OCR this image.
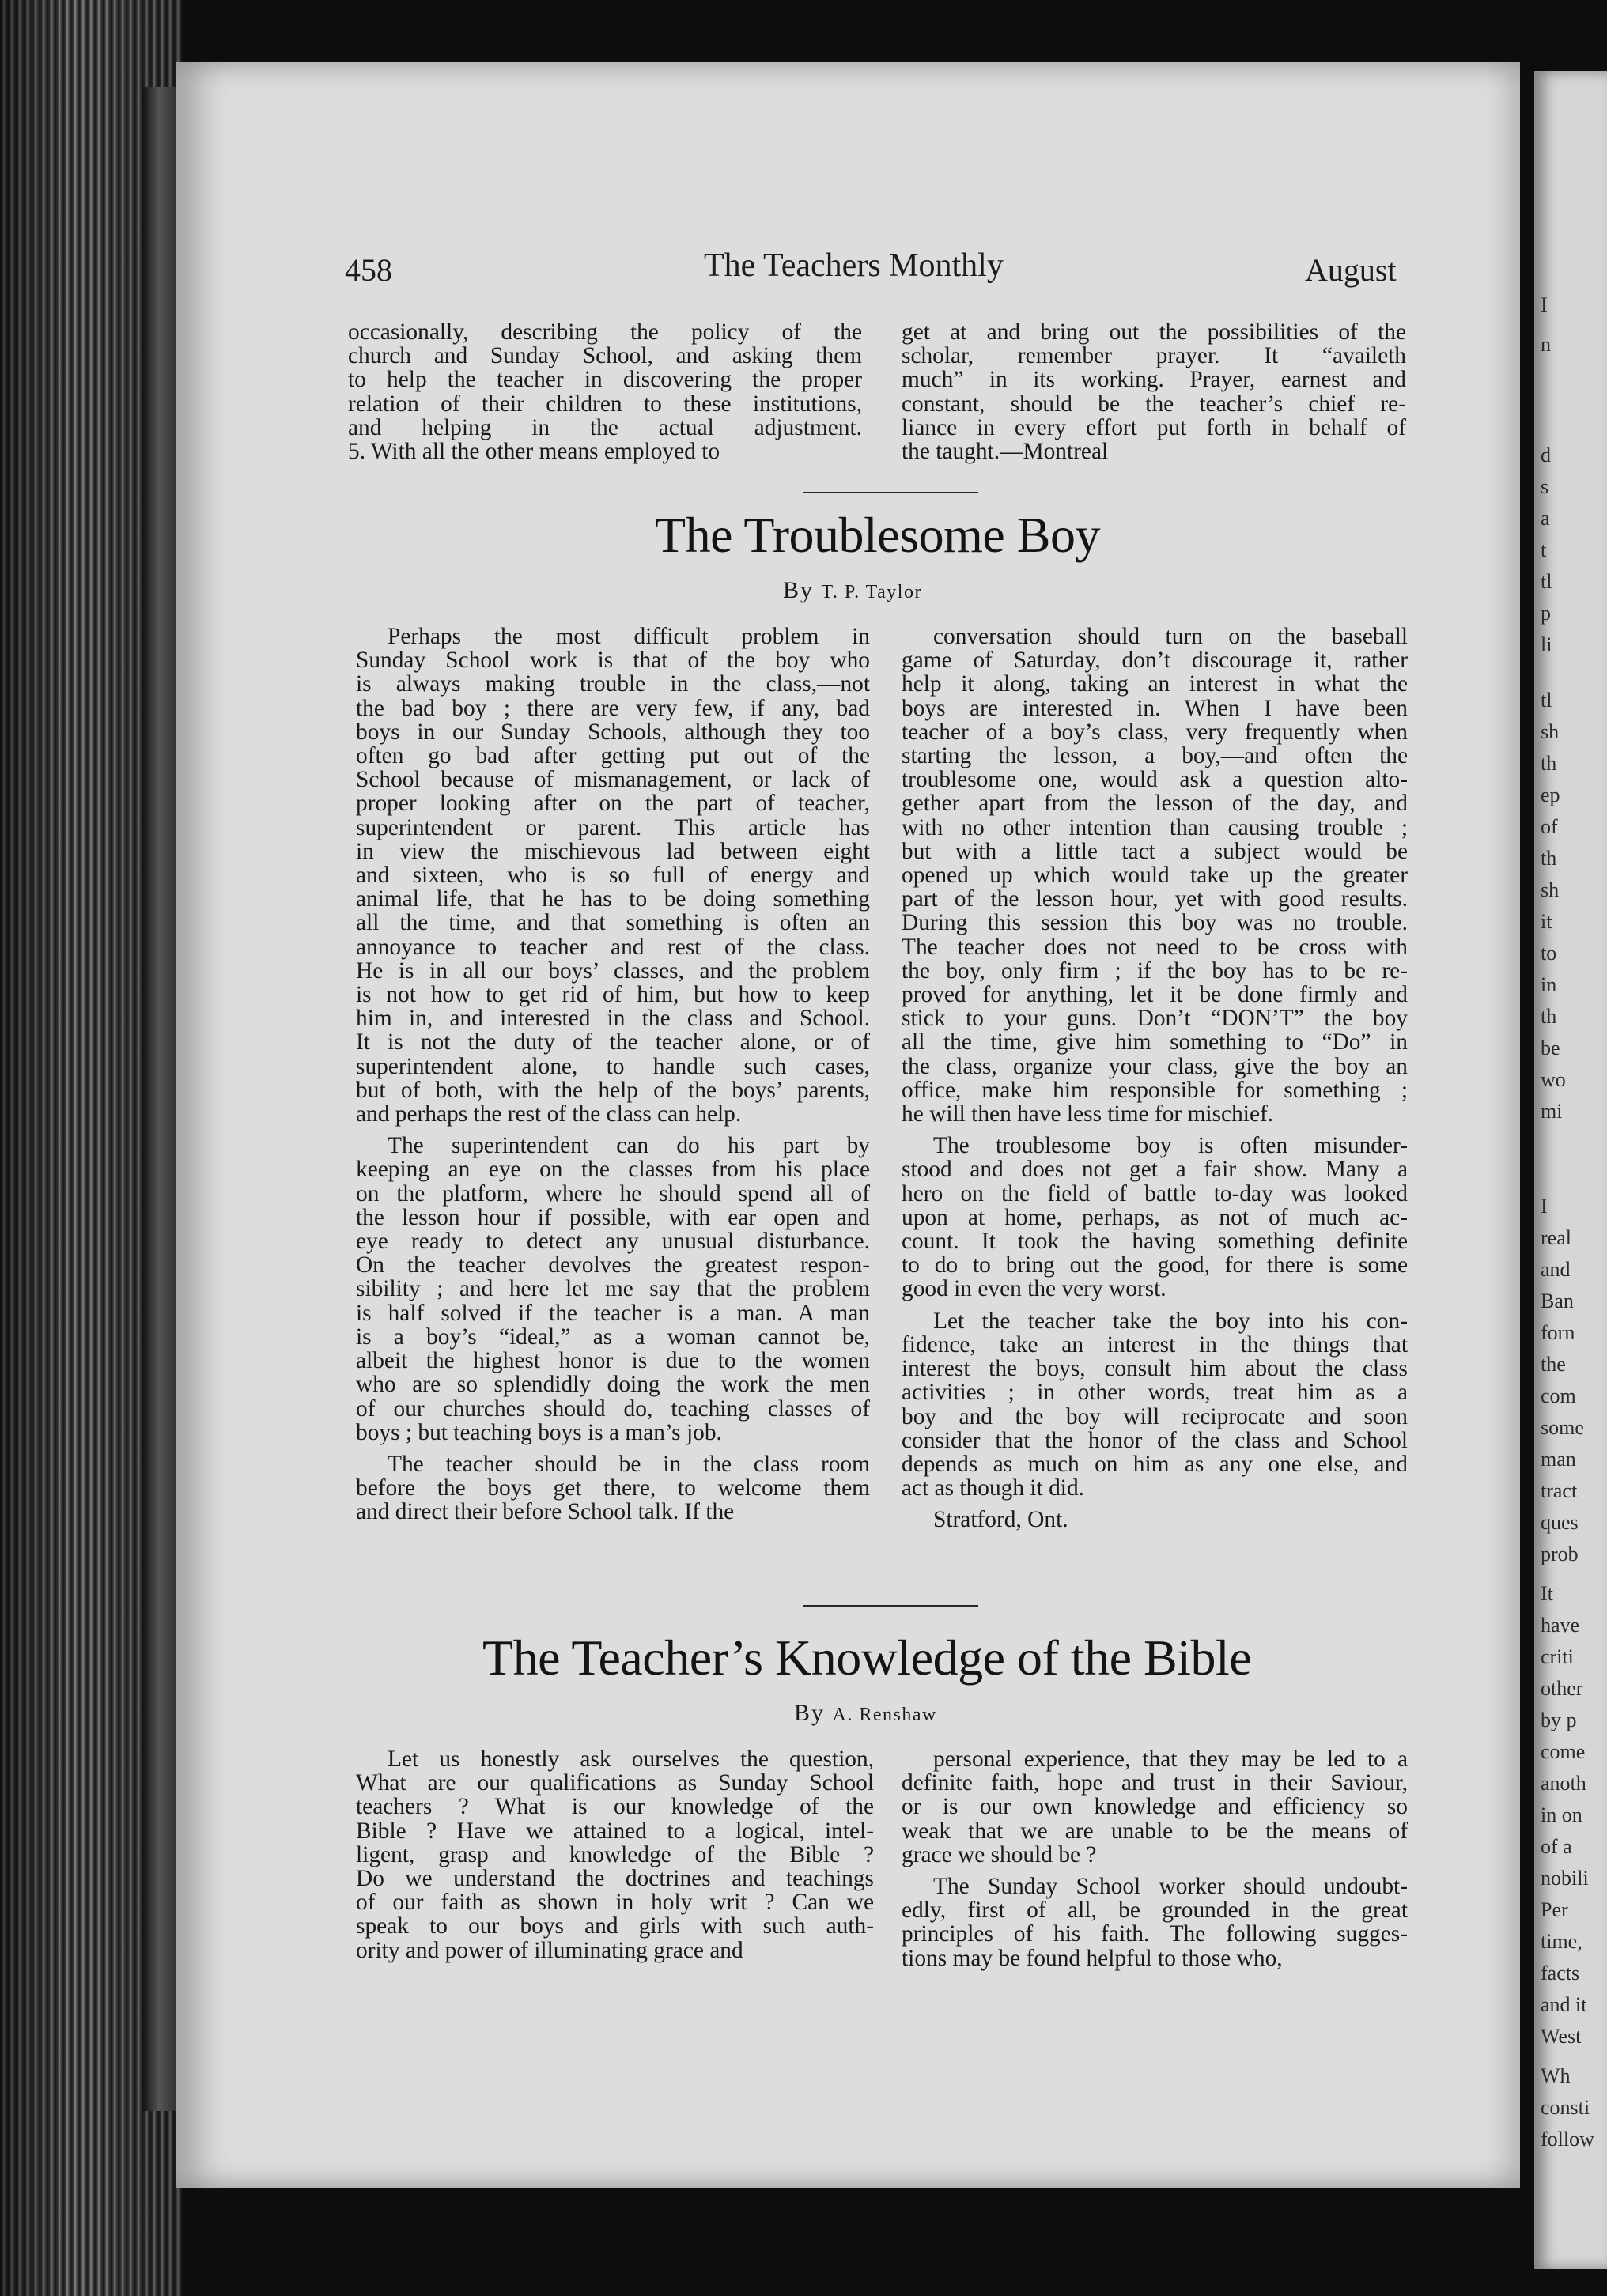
I
n
d
s
a
t
tl
p
li
tl
sh
th
ep
of
th
sh
it
to
in
th
be
wo
mi
I
real
and
Ban
forn
the
com
some
man
tract
ques
prob
It
have
criti
other
by p
come
anoth
in on
of a
nobili
Per
time,
facts
and it
West
Wh
consti
follow
458	The Teachers Monthly	August
occasionally, describing the policy of the
church and Sunday School, and asking them
to help the teacher in discovering the proper
relation of their children to these institutions,
and helping in the actual adjustment.
5. With all the other means employed to
get at and bring out the possibilities of the
scholar, remember prayer. It “availeth
much” in its working. Prayer, earnest and
constant, should be the teacher’s chief re-
liance in every effort put forth in behalf of
the taught.—Montreal
The Troublesome Boy
By T. P. Taylor

Perhaps the most difficult problem in
Sunday School work is that of the boy who
is always making trouble in the class,—not
the bad boy ; there are very few, if any, bad
boys in our Sunday Schools, although they too
often go bad after getting put out of the
School because of mismanagement, or lack of
proper looking after on the part of teacher,
superintendent or parent. This article has
in view the mischievous lad between eight
and sixteen, who is so full of energy and
animal life, that he has to be doing something
all the time, and that something is often an
annoyance to teacher and rest of the class.
He is in all our boys’ classes, and the problem
is not how to get rid of him, but how to keep
him in, and interested in the class and School.
It is not the duty of the teacher alone, or of
superintendent alone, to handle such cases,
but of both, with the help of the boys’ parents,
and perhaps the rest of the class can help.

The superintendent can do his part by
keeping an eye on the classes from his place
on the platform, where he should spend all of
the lesson hour if possible, with ear open and
eye ready to detect any unusual disturbance.
On the teacher devolves the greatest respon-
sibility ; and here let me say that the problem
is half solved if the teacher is a man. A man
is a boy’s “ideal,” as a woman cannot be,
albeit the highest honor is due to the women
who are so splendidly doing the work the men
of our churches should do, teaching classes of
boys ; but teaching boys is a man’s job.

The teacher should be in the class room
before the boys get there, to welcome them
and direct their before School talk. If the

conversation should turn on the baseball
game of Saturday, don’t discourage it, rather
help it along, taking an interest in what the
boys are interested in. When I have been
teacher of a boy’s class, very frequently when
starting the lesson, a boy,—and often the
troublesome one, would ask a question alto-
gether apart from the lesson of the day, and
with no other intention than causing trouble ;
but with a little tact a subject would be
opened up which would take up the greater
part of the lesson hour, yet with good results.
During this session this boy was no trouble.
The teacher does not need to be cross with
the boy, only firm ; if the boy has to be re-
proved for anything, let it be done firmly and
stick to your guns. Don’t “DON’T” the boy
all the time, give him something to “Do” in
the class, organize your class, give the boy an
office, make him responsible for something ;
he will then have less time for mischief.

The troublesome boy is often misunder-
stood and does not get a fair show. Many a
hero on the field of battle to-day was looked
upon at home, perhaps, as not of much ac-
count. It took the having something definite
to do to bring out the good, for there is some
good in even the very worst.

Let the teacher take the boy into his con-
fidence, take an interest in the things that
interest the boys, consult him about the class
activities ; in other words, treat him as a
boy and the boy will reciprocate and soon
consider that the honor of the class and School
depends as much on him as any one else, and
act as though it did.

Stratford, Ont.

The Teacher’s Knowledge of the Bible
By A. Renshaw
Let us honestly ask ourselves the question,
What are our qualifications as Sunday School
teachers ? What is our knowledge of the
Bible ? Have we attained to a logical, intel-
ligent, grasp and knowledge of the Bible ?
Do we understand the doctrines and teachings
of our faith as shown in holy writ ? Can we
speak to our boys and girls with such auth-
ority and power of illuminating grace and

personal experience, that they may be led to a
definite faith, hope and trust in their Saviour,
or is our own knowledge and efficiency so
weak that we are unable to be the means of
grace we should be ?

The Sunday School worker should undoubt-
edly, first of all, be grounded in the great
principles of his faith. The following sugges-
tions may be found helpful to those who,
